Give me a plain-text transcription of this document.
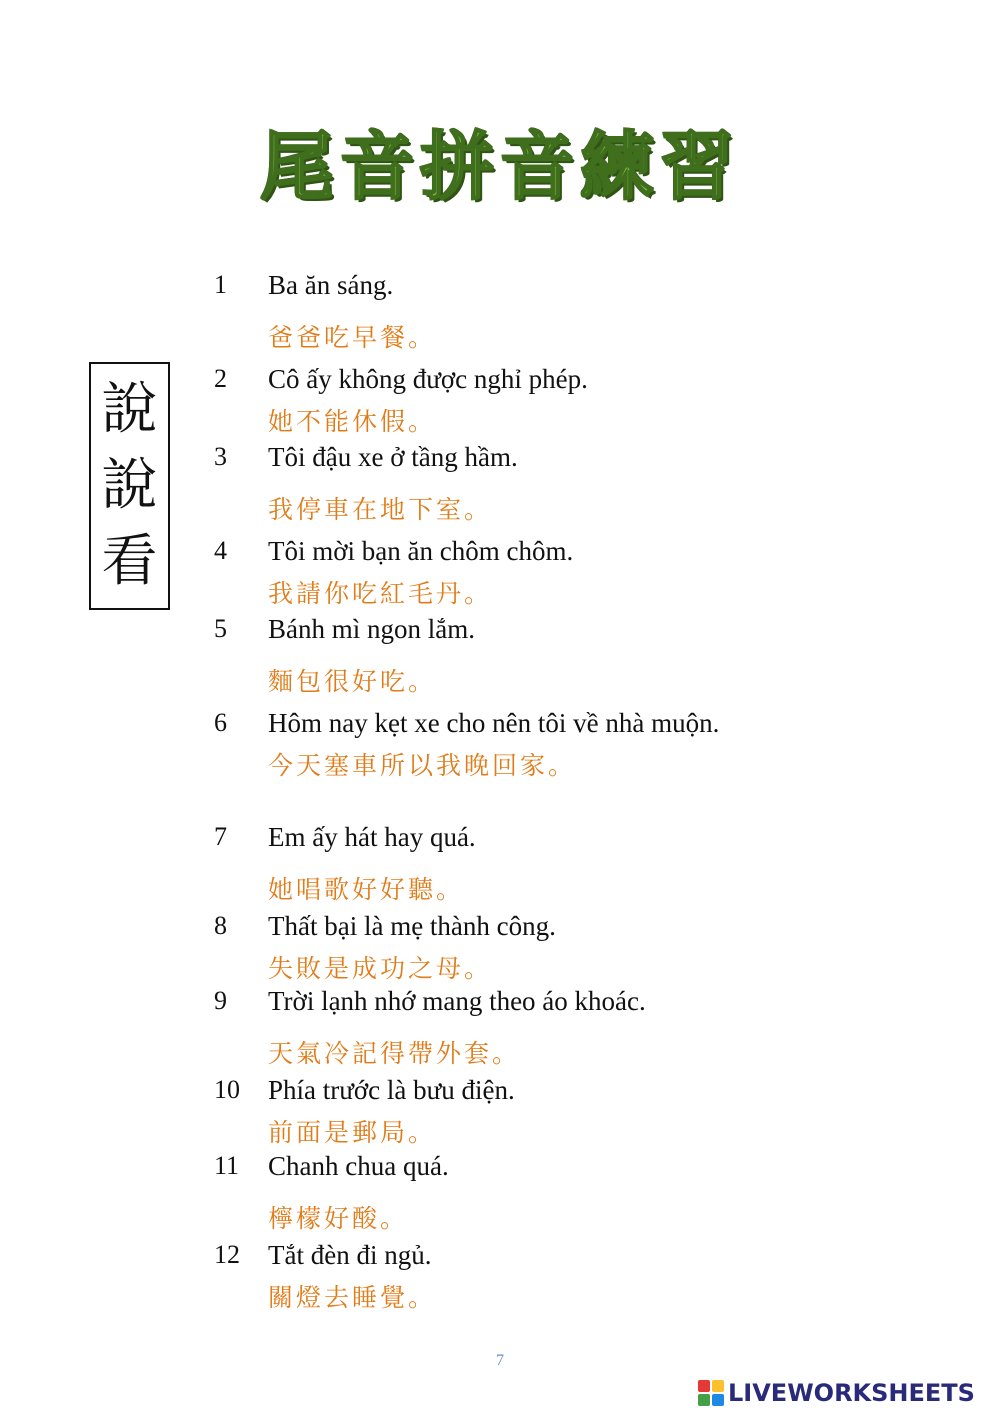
尾音拼音練習
說
說
看
1 Ba ăn sáng.
爸爸吃早餐。
2 Cô ấy không được nghỉ phép.
她不能休假。
3 Tôi đậu xe ở tầng hầm.
我停車在地下室。
4 Tôi mời bạn ăn chôm chôm.
我請你吃紅毛丹。
5 Bánh mì ngon lắm.
麵包很好吃。
6 Hôm nay kẹt xe cho nên tôi về nhà muộn.
今天塞車所以我晚回家。
7 Em ấy hát hay quá.
她唱歌好好聽。
8 Thất bại là mẹ thành công.
失敗是成功之母。
9 Trời lạnh nhớ mang theo áo khoác.
天氣冷記得帶外套。
10 Phía trước là bưu điện.
前面是郵局。
11 Chanh chua quá.
檸檬好酸。
12 Tắt đèn đi ngủ.
關燈去睡覺。
7
LIVEWORKSHEETS
